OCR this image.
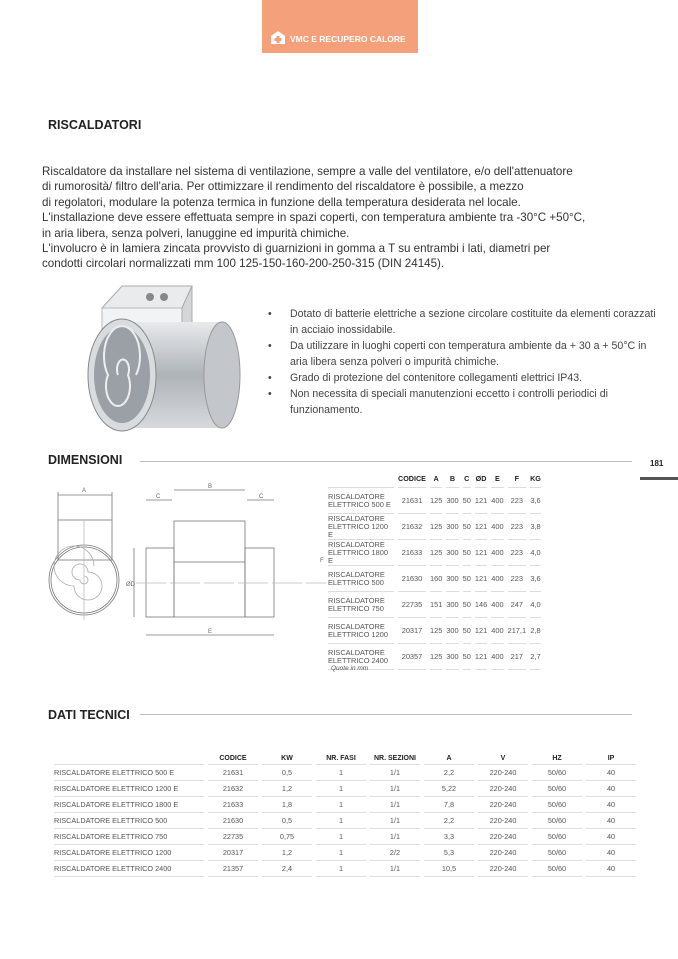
VMC E RECUPERO CALORE
RISCALDATORI
Riscaldatore da installare nel sistema di ventilazione, sempre a valle del ventilatore, e/o dell'attenuatore
di rumorosità/ filtro dell'aria. Per ottimizzare il rendimento del riscaldatore è possibile, a mezzo
di regolatori, modulare la potenza termica in funzione della temperatura desiderata nel locale.
L'installazione deve essere effettuata sempre in spazi coperti, con temperatura ambiente tra -30°C +50°C,
in aria libera, senza polveri, lanuggine ed impurità chimiche.
L'involucro è in lamiera zincata provvisto di guarnizioni in gomma a T su entrambi i lati, diametri per
condotti circolari normalizzati mm 100 125-150-160-200-250-315 (DIN 24145).
• Dotato di batterie elettriche a sezione circolare costituite da elementi corazzati in acciaio inossidabile.
• Da utilizzare in luoghi coperti con temperatura ambiente da + 30 a + 50°C in aria libera senza polveri o impurità chimiche.
• Grado di protezione del contenitore collegamenti elettrici IP43.
• Non necessita di speciali manutenzioni eccetto i controlli periodici di funzionamento.
DIMENSIONI	181
A
B
C	C
E
ØD
F
	CODICE	A	B	C	ØD	E	F	KG
RISCALDATORE ELETTRICO 500 E	21631	125	300	50	121	400	223	3,6
RISCALDATORE ELETTRICO 1200 E	21632	125	300	50	121	400	223	3,8
RISCALDATORE ELETTRICO 1800 E	21633	125	300	50	121	400	223	4,0
RISCALDATORE ELETTRICO 500	21630	160	300	50	121	400	223	3,6
RISCALDATORE ELETTRICO 750	22735	151	300	50	146	400	247	4,0
RISCALDATORE ELETTRICO 1200	20317	125	300	50	121	400	217,1	2,8
RISCALDATORE ELETTRICO 2400	20357	125	300	50	121	400	217	2,7
Quote in mm
DATI TECNICI
	CODICE	KW	NR. FASI	NR. SEZIONI	A	V	HZ	IP
RISCALDATORE ELETTRICO 500 E	21631	0,5	1	1/1	2,2	220-240	50/60	40
RISCALDATORE ELETTRICO 1200 E	21632	1,2	1	1/1	5,22	220-240	50/60	40
RISCALDATORE ELETTRICO 1800 E	21633	1,8	1	1/1	7,8	220-240	50/60	40
RISCALDATORE ELETTRICO 500	21630	0,5	1	1/1	2,2	220-240	50/60	40
RISCALDATORE ELETTRICO 750	22735	0,75	1	1/1	3,3	220-240	50/60	40
RISCALDATORE ELETTRICO 1200	20317	1,2	1	2/2	5,3	220-240	50/60	40
RISCALDATORE ELETTRICO 2400	21357	2,4	1	1/1	10,5	220-240	50/60	40
